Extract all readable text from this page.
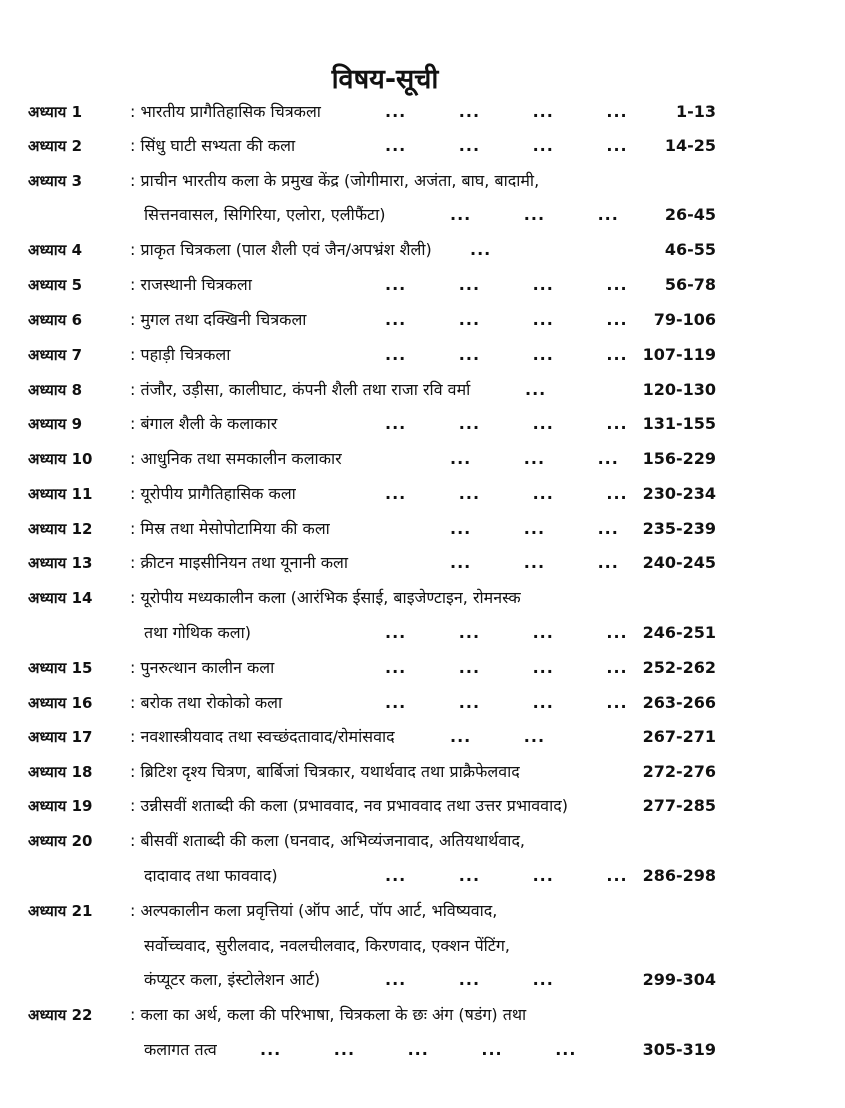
विषय-सूची
अध्याय 1	: भारतीय प्रागैतिहासिक चित्रकला	...        ...        ...        ...	1-13
अध्याय 2	: सिंधु घाटी सभ्यता की कला	...        ...        ...        ...	14-25
अध्याय 3	: प्राचीन भारतीय कला के प्रमुख केंद्र (जोगीमारा, अजंता, बाघ, बादामी,
सित्तनवासल, सिगिरिया, एलोरा, एलीफैंटा)	...        ...        ...	26-45
अध्याय 4	: प्राकृत चित्रकला (पाल शैली एवं जैन/अपभ्रंश शैली)	...	46-55
अध्याय 5	: राजस्थानी चित्रकला	...        ...        ...        ...	56-78
अध्याय 6	: मुगल तथा दक्खिनी चित्रकला	...        ...        ...        ...	79-106
अध्याय 7	: पहाड़ी चित्रकला	...        ...        ...        ... 107-119
अध्याय 8	: तंजौर, उड़ीसा, कालीघाट, कंपनी शैली तथा राजा रवि वर्मा	...	120-130
अध्याय 9	: बंगाल शैली के कलाकार	...        ...        ...        ... 131-155
अध्याय 10	: आधुनिक तथा समकालीन कलाकार	...        ...        ...	156-229
अध्याय 11	: यूरोपीय प्रागैतिहासिक कला	...        ...        ...        ... 230-234
अध्याय 12	: मिस्र तथा मेसोपोटामिया की कला	...        ...        ...	235-239
अध्याय 13	: क्रीटन माइसीनियन तथा यूनानी कला	...        ...        ...	240-245
अध्याय 14	: यूरोपीय मध्यकालीन कला (आरंभिक ईसाई, बाइजेण्टाइन, रोमनस्क
तथा गोथिक कला)	...        ...        ...        ... 246-251
अध्याय 15	: पुनरुत्थान कालीन कला	...        ...        ...        ... 252-262
अध्याय 16	: बरोक तथा रोकोको कला	...        ...        ...        ... 263-266
अध्याय 17	: नवशास्त्रीयवाद तथा स्वच्छंदतावाद/रोमांसवाद	...        ...	267-271
अध्याय 18	: ब्रिटिश दृश्य चित्रण, बार्बिजां चित्रकार, यथार्थवाद तथा प्राक्रैफेलवाद	272-276
अध्याय 19	: उन्नीसवीं शताब्दी की कला (प्रभाववाद, नव प्रभाववाद तथा उत्तर प्रभाववाद)	277-285
अध्याय 20	: बीसवीं शताब्दी की कला (घनवाद, अभिव्यंजनावाद, अतियथार्थवाद,
दादावाद तथा फाववाद)	...        ...        ...        ... 286-298
अध्याय 21	: अल्पकालीन कला प्रवृत्तियां (ऑप आर्ट, पॉप आर्ट, भविष्यवाद,
सर्वोच्चवाद, सुरीलवाद, नवलचीलवाद, किरणवाद, एक्शन पेंटिंग,
कंप्यूटर कला, इंस्टोलेशन आर्ट)	...        ...        ...	299-304
अध्याय 22	: कला का अर्थ, कला की परिभाषा, चित्रकला के छः अंग (षडंग) तथा
कलागत तत्व	...        ...        ...        ...        ...	305-319
